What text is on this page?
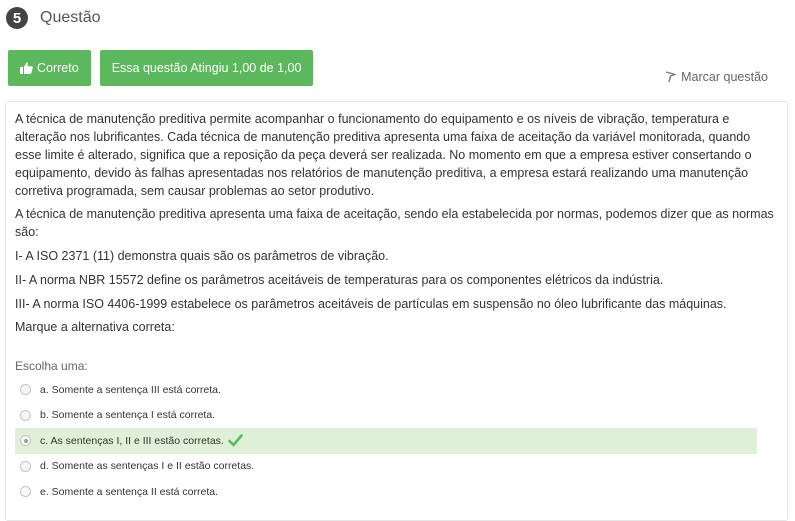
5	Questão
Correto	Essa questão Atingiu 1,00 de 1,00
Marcar questão

A técnica de manutenção preditiva permite acompanhar o funcionamento do equipamento e os níveis de vibração, temperatura e alteração nos lubrificantes. Cada técnica de manutenção preditiva apresenta uma faixa de aceitação da variável monitorada, quando esse limite é alterado, significa que a reposição da peça deverá ser realizada. No momento em que a empresa estiver consertando o equipamento, devido às falhas apresentadas nos relatórios de manutenção preditiva, a empresa estará realizando uma manutenção corretiva programada, sem causar problemas ao setor produtivo.

A técnica de manutenção preditiva apresenta uma faixa de aceitação, sendo ela estabelecida por normas, podemos dizer que as normas são:

I- A ISO 2371 (11) demonstra quais são os parâmetros de vibração.

II- A norma NBR 15572 define os parâmetros aceitáveis de temperaturas para os componentes elétricos da indústria.

III- A norma ISO 4406-1999 estabelece os parâmetros aceitáveis de partículas em suspensão no óleo lubrificante das máquinas.

Marque a alternativa correta:

Escolha uma:
a. Somente a sentença III está correta.
b. Somente a sentença I está correta.
c. As sentenças I, II e III estão corretas.
d. Somente as sentenças I e II estão corretas.
e. Somente a sentença II está correta.
